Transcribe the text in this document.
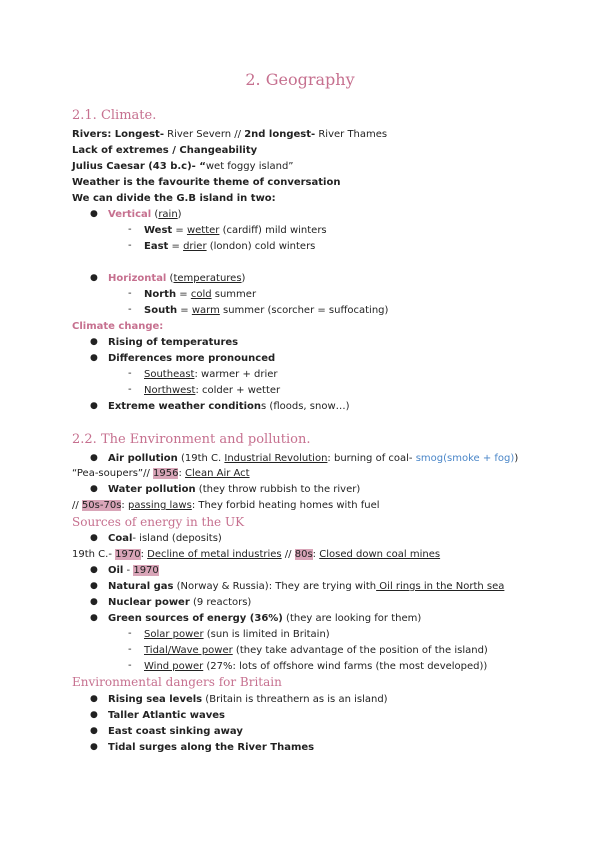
2. Geography
2.1. Climate.
Rivers: Longest- River Severn // 2nd longest- River Thames
Lack of extremes / Changeability
Julius Caesar (43 b.c)- “wet foggy island”
Weather is the favourite theme of conversation
We can divide the G.B island in two:
● Vertical (rain)
- West = wetter (cardiff) mild winters
- East = drier (london) cold winters
● Horizontal (temperatures)
- North = cold summer
- South = warm summer (scorcher = suffocating)
Climate change:
● Rising of temperatures
● Differences more pronounced
- Southeast: warmer + drier
- Northwest: colder + wetter
● Extreme weather conditions (floods, snow…)
2.2. The Environment and pollution.
● Air pollution (19th C. Industrial Revolution: burning of coal- smog(smoke + fog))
“Pea-soupers”// 1956: Clean Air Act
● Water pollution (they throw rubbish to the river)
// 50s-70s: passing laws: They forbid heating homes with fuel
Sources of energy in the UK
● Coal- island (deposits)
19th C.- 1970: Decline of metal industries // 80s: Closed down coal mines
● Oil - 1970
● Natural gas (Norway & Russia): They are trying with Oil rings in the North sea
● Nuclear power (9 reactors)
● Green sources of energy (36%) (they are looking for them)
- Solar power (sun is limited in Britain)
- Tidal/Wave power (they take advantage of the position of the island)
- Wind power (27%: lots of offshore wind farms (the most developed))
Environmental dangers for Britain
● Rising sea levels (Britain is threathern as is an island)
● Taller Atlantic waves
● East coast sinking away
● Tidal surges along the River Thames
